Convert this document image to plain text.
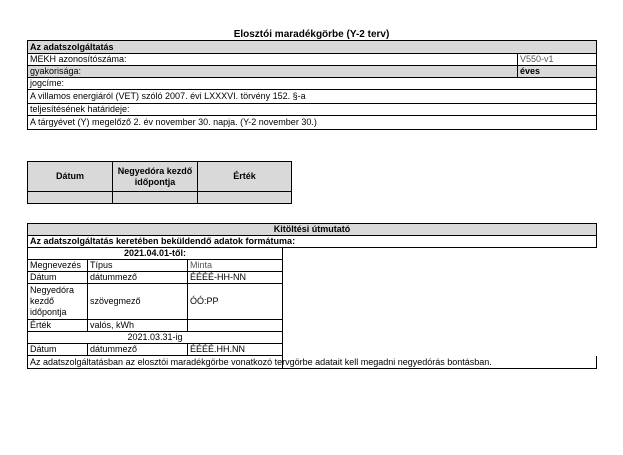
Elosztói maradékgörbe (Y-2 terv)
Az adatszolgáltatás	
MEKH azonosítószáma:	V550-v1
gyakorisága:	éves
jogcíme:	
A villamos energiáról (VET) szóló 2007. évi LXXXVI. törvény 152. §-a	
teljesítésének határideje:	
A tárgyévet (Y) megelőző 2. év november 30. napja. (Y-2 november 30.)	
Dátum	Negyedóra kezdő időpontja	Érték

Kitöltési útmutató			
Az adatszolgáltatás keretében beküldendő adatok formátuma:			
2021.04.01-től:			
Megnevezés	Típus	Minta	
Dátum	dátummező	ÉÉÉÉ-HH-NN	
Negyedóra kezdő időpontja	szövegmező	ÓÓ:PP	
Érték	valós, kWh		
2021.03.31-ig			
Dátum	dátummező	ÉÉÉÉ.HH.NN	
Az adatszolgáltatásban az elosztói maradékgörbe vonatkozó tervgörbe adatait kell megadni negyedórás bontásban.			
